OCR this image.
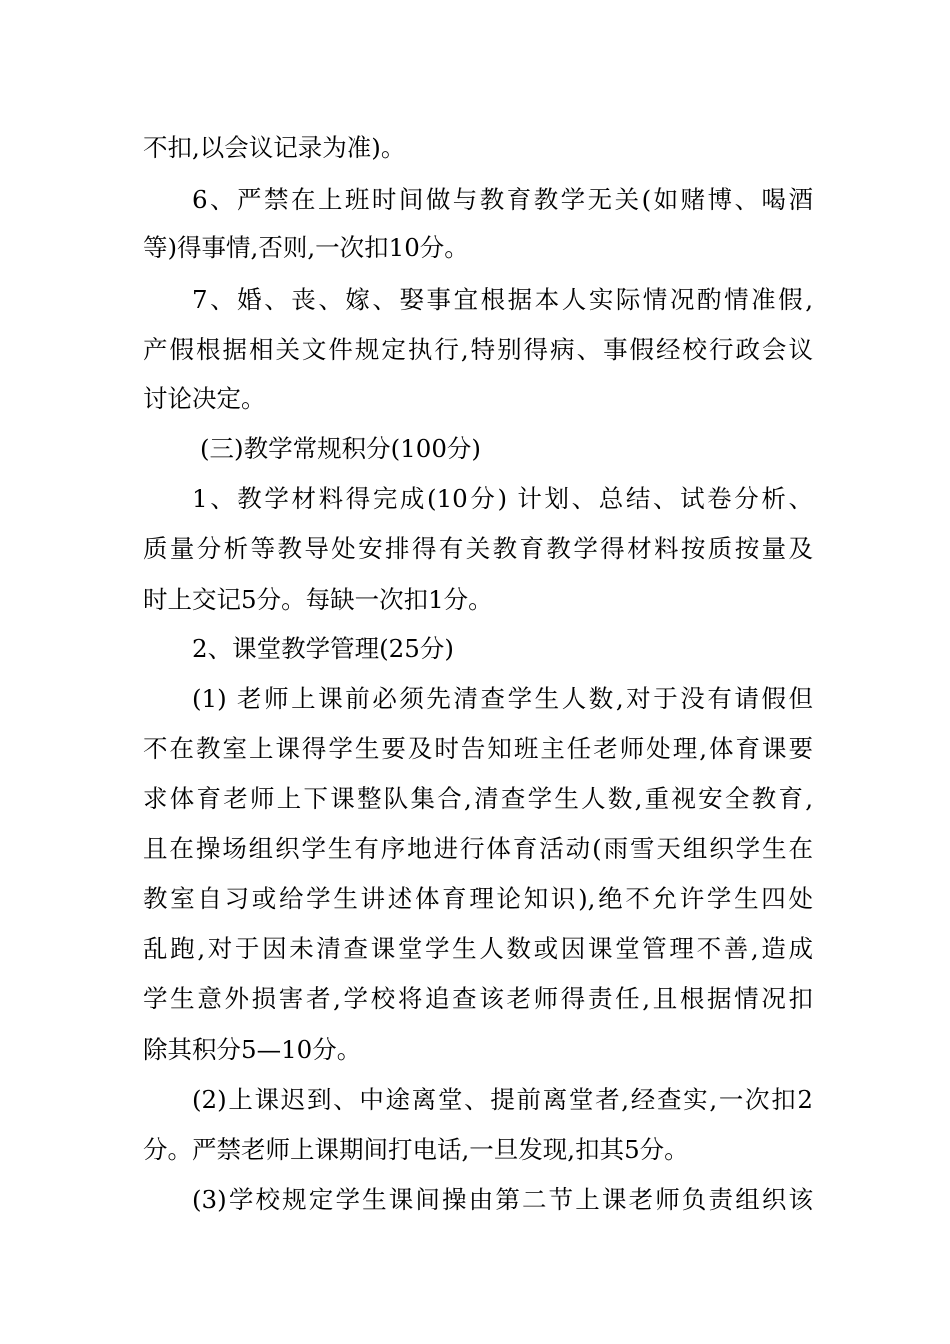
不扣,以会议记录为准)。
6、严禁在上班时间做与教育教学无关(如赌博、喝酒
等)得事情,否则,一次扣10分。
7、婚、丧、嫁、娶事宜根据本人实际情况酌情准假,
产假根据相关文件规定执行,特别得病、事假经校行政会议
讨论决定。
(三)教学常规积分(100分)
1、教学材料得完成(10分) 计划、总结、试卷分析、
质量分析等教导处安排得有关教育教学得材料按质按量及
时上交记5分。每缺一次扣1分。
2、课堂教学管理(25分)
(1) 老师上课前必须先清查学生人数,对于没有请假但
不在教室上课得学生要及时告知班主任老师处理,体育课要
求体育老师上下课整队集合,清查学生人数,重视安全教育,
且在操场组织学生有序地进行体育活动(雨雪天组织学生在
教室自习或给学生讲述体育理论知识),绝不允许学生四处
乱跑,对于因未清查课堂学生人数或因课堂管理不善,造成
学生意外损害者,学校将追查该老师得责任,且根据情况扣
除其积分5—10分。
(2)上课迟到、中途离堂、提前离堂者,经查实,一次扣2
分。严禁老师上课期间打电话,一旦发现,扣其5分。
(3)学校规定学生课间操由第二节上课老师负责组织该
